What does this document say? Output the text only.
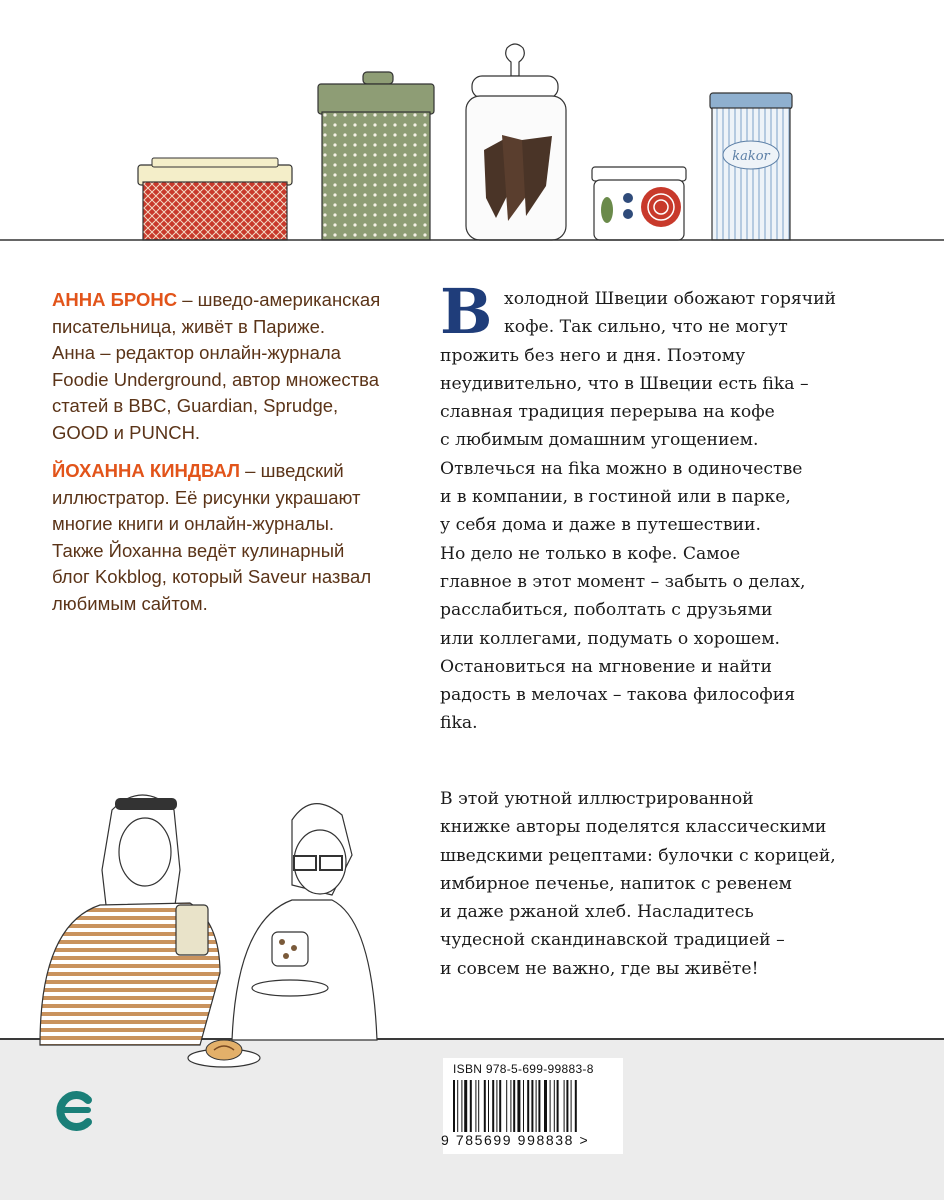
kakor
АННА БРОНС – шведо-американская
писательница, живёт в Париже.
Анна – редактор онлайн-журнала
Foodie Underground, автор множества
статей в BBC, Guardian, Sprudge,
GOOD и PUNCH.
ЙОХАННА КИНДВАЛ – шведский
иллюстратор. Её рисунки украшают
многие книги и онлайн-журналы.
Также Йоханна ведёт кулинарный
блог Kokblog, который Saveur назвал
любимым сайтом.
В холодной Швеции обожают горячий
кофе. Так сильно, что не могут
прожить без него и дня. Поэтому
неудивительно, что в Швеции есть fika –
славная традиция перерыва на кофе
с любимым домашним угощением.
Отвлечься на fika можно в одиночестве
и в компании, в гостиной или в парке,
у себя дома и даже в путешествии.
Но дело не только в кофе. Самое
главное в этот момент – забыть о делах,
расслабиться, поболтать с друзьями
или коллегами, подумать о хорошем.
Остановиться на мгновение и найти
радость в мелочах – такова философия
fika.
В этой уютной иллюстрированной
книжке авторы поделятся классическими
шведскими рецептами: булочки с корицей,
имбирное печенье, напиток с ревенем
и даже ржаной хлеб. Насладитесь
чудесной скандинавской традицией –
и совсем не важно, где вы живёте!
ISBN 978-5-699-99883-8
9 785699 998838 >
